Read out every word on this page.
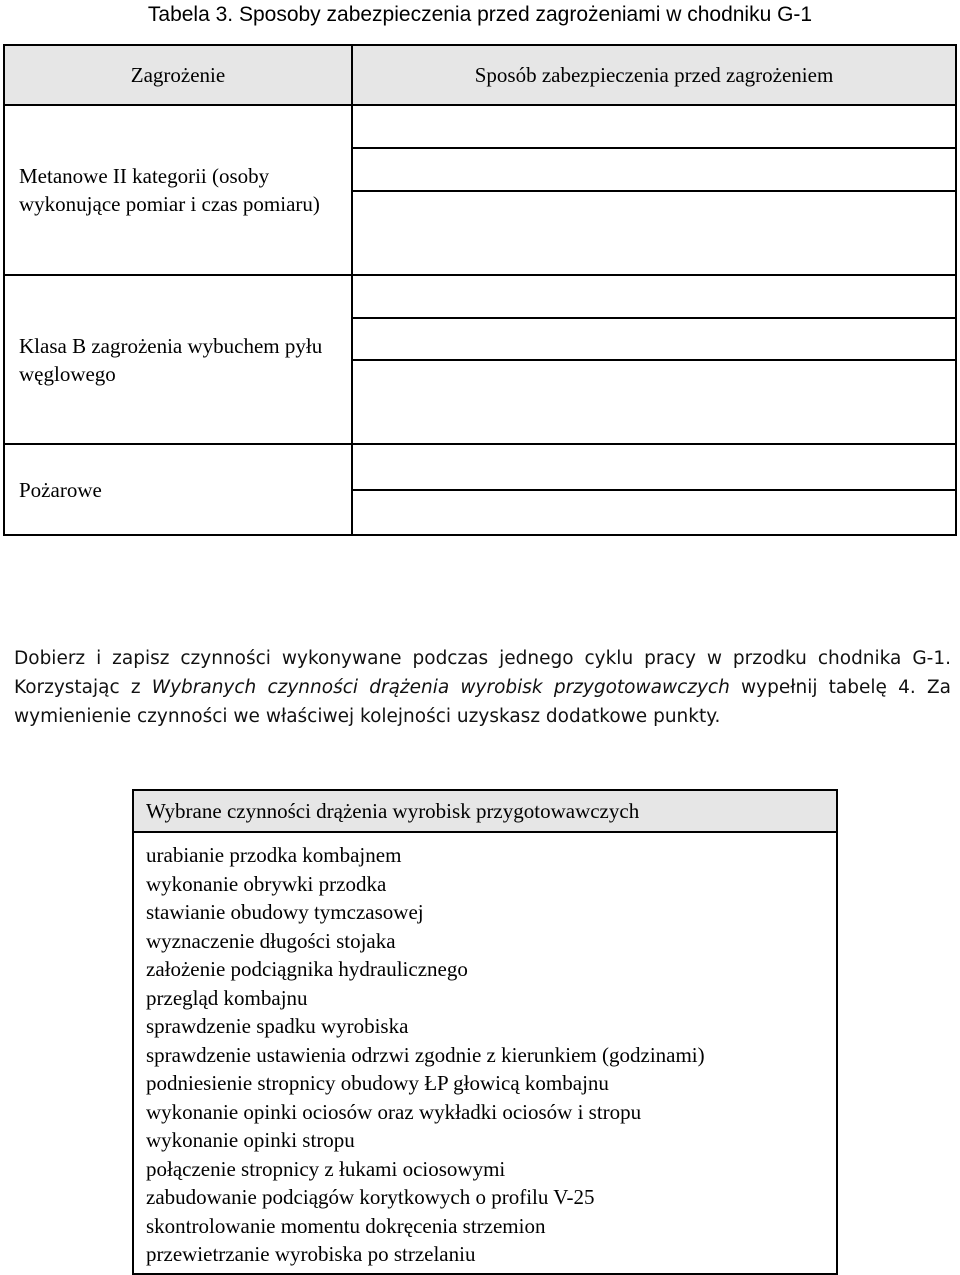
Tabela 3. Sposoby zabezpieczenia przed zagrożeniami w chodniku G-1
Zagrożenie	Sposób zabezpieczenia przed zagrożeniem
Metanowe II kategorii (osoby wykonujące pomiar i czas pomiaru)	

Klasa B zagrożenia wybuchem pyłu węglowego	

Pożarowe	

Dobierz i zapisz czynności wykonywane podczas jednego cyklu pracy w przodku chodnika G-1. Korzystając z Wybranych czynności drążenia wyrobisk przygotowawczych wypełnij tabelę 4. Za wymienienie czynności we właściwej kolejności uzyskasz dodatkowe punkty.

Wybrane czynności drążenia wyrobisk przygotowawczych
urabianie przodka kombajnem
wykonanie obrywki przodka
stawianie obudowy tymczasowej
wyznaczenie długości stojaka
założenie podciągnika hydraulicznego
przegląd kombajnu
sprawdzenie spadku wyrobiska
sprawdzenie ustawienia odrzwi zgodnie z kierunkiem (godzinami)
podniesienie stropnicy obudowy ŁP głowicą kombajnu
wykonanie opinki ociosów oraz wykładki ociosów i stropu
wykonanie opinki stropu
połączenie stropnicy z łukami ociosowymi
zabudowanie podciągów korytkowych o profilu V-25
skontrolowanie momentu dokręcenia strzemion
przewietrzanie wyrobiska po strzelaniu
